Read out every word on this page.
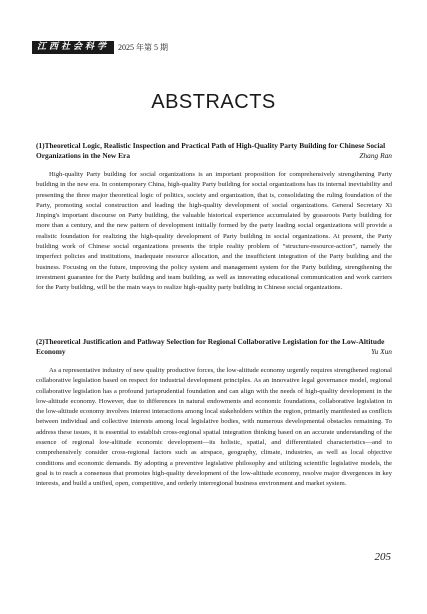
江西社会科学	2025 年第 5 期
ABSTRACTS
(1)Theoretical Logic, Realistic Inspection and Practical Path of High-Quality Party Building for Chinese Social Organizations in the New Era	Zhang Ran
High-quality Party building for social organizations is an important proposition for comprehensively strengthening Party building in the new era. In contemporary China, high-quality Party building for social organizations has its internal inevitability and presenting the three major theoretical logic of politics, society and organization, that is, consolidating the ruling foundation of the Party, promoting social construction and leading the high-quality development of social organizations. General Secretary Xi Jinping's important discourse on Party building, the valuable historical experience accumulated by grassroots Party building for more than a century, and the new pattern of development initially formed by the party leading social organizations will provide a realistic foundation for realizing the high-quality development of Party building in social organizations. At present, the Party building work of Chinese social organizations presents the triple reality problem of “structure-resource-action”, namely the imperfect policies and institutions, inadequate resource allocation, and the insufficient integration of the Party building and the business. Focusing on the future, improving the policy system and management system for the Party building, strengthening the investment guarantee for the Party building and team building, as well as innovating educational communication and work carriers for the Party building, will be the main ways to realize high-quality party building in Chinese social organizations.
(2)Theoretical Justification and Pathway Selection for Regional Collaborative Legislation for the Low-Altitude Economy	Yu Xun
As a representative industry of new quality productive forces, the low-altitude economy urgently requires strengthened regional collaborative legislation based on respect for industrial development principles. As an innovative legal governance model, regional collaborative legislation has a profound jurisprudential foundation and can align with the needs of high-quality development in the low-altitude economy. However, due to differences in natural endowments and economic foundations, collaborative legislation in the low-altitude economy involves interest interactions among local stakeholders within the region, primarily manifested as conflicts between individual and collective interests among local legislative bodies, with numerous developmental obstacles remaining. To address these issues, it is essential to establish cross-regional spatial integration thinking based on an accurate understanding of the essence of regional low-altitude economic development—its holistic, spatial, and differentiated characteristics—and to comprehensively consider cross-regional factors such as airspace, geography, climate, industries, as well as local objective conditions and economic demands. By adopting a preventive legislative philosophy and utilizing scientific legislative models, the goal is to reach a consensus that promotes high-quality development of the low-altitude economy, resolve major divergences in key interests, and build a unified, open, competitive, and orderly interregional business environment and market system.
205
